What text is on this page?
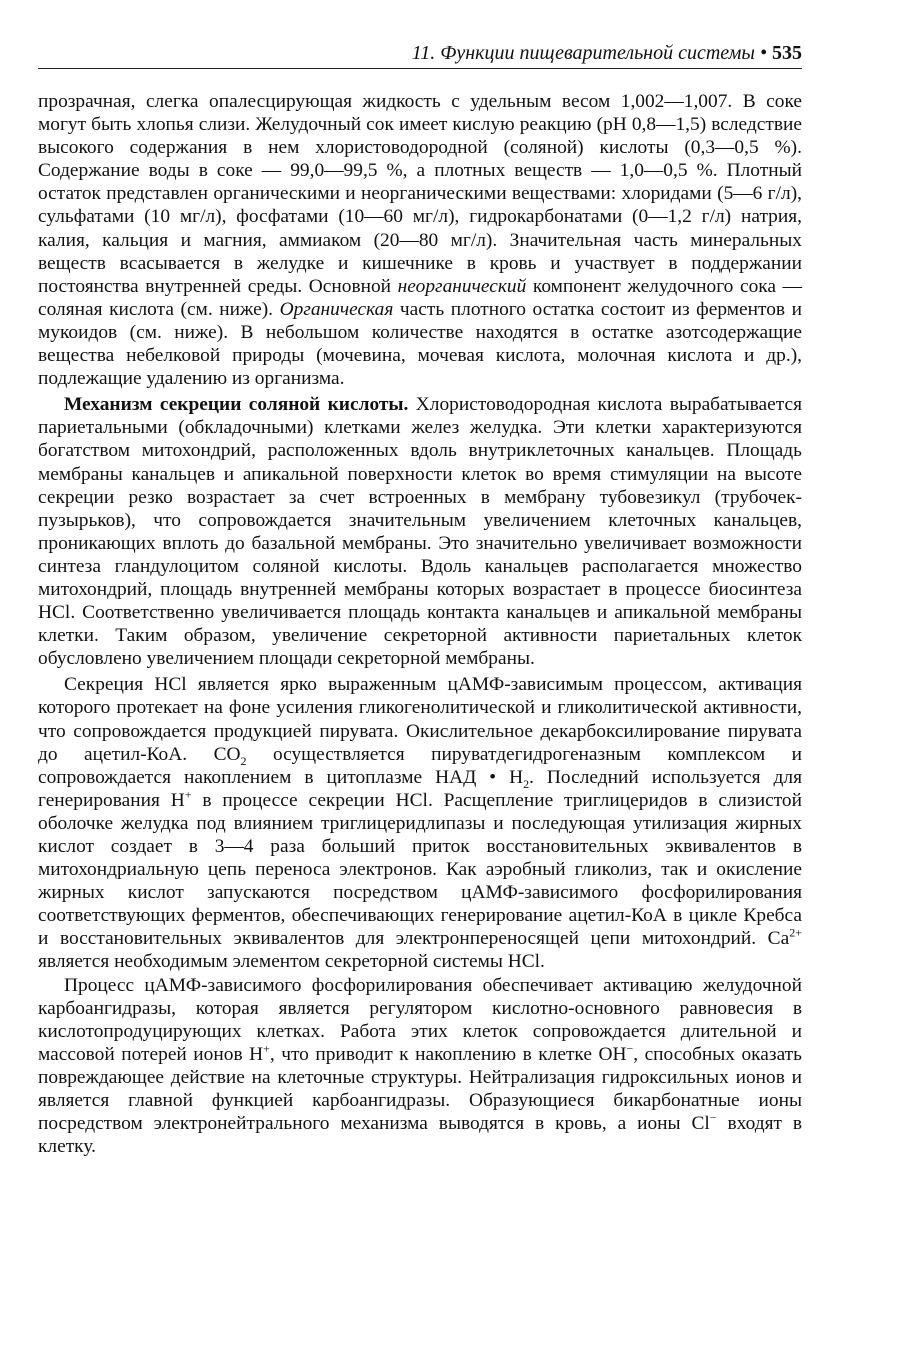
11. Функции пищеварительной системы • 535

прозрачная, слегка опалесцирующая жидкость с удельным весом 1,002—1,007. В соке могут быть хлопья слизи. Желудочный сок имеет кислую реакцию (pH 0,8—1,5) вследствие высокого содержания в нем хлористоводородной (соляной) кислоты (0,3—0,5 %). Содержание воды в соке — 99,0—99,5 %, а плотных веществ — 1,0—0,5 %. Плотный остаток представлен органическими и неорганическими веществами: хлоридами (5—6 г/л), сульфатами (10 мг/л), фосфатами (10—60 мг/л), гидрокарбонатами (0—1,2 г/л) натрия, калия, кальция и магния, аммиаком (20—80 мг/л). Значительная часть минеральных веществ всасывается в желудке и кишечнике в кровь и участвует в поддержании постоянства внутренней среды. Основной неорганический компонент желудочного сока — соляная кислота (см. ниже). Органическая часть плотного остатка состоит из ферментов и мукоидов (см. ниже). В небольшом количестве находятся в остатке азотсодержащие вещества небелковой природы (мочевина, мочевая кислота, молочная кислота и др.), подлежащие удалению из организма.

Механизм секреции соляной кислоты. Хлористоводородная кислота вырабатывается париетальными (обкладочными) клетками желез желудка. Эти клетки характеризуются богатством митохондрий, расположенных вдоль внутриклеточных канальцев. Площадь мембраны канальцев и апикальной поверхности клеток во время стимуляции на высоте секреции резко возрастает за счет встроенных в мембрану тубовезикул (трубочек-пузырьков), что сопровождается значительным увеличением клеточных канальцев, проникающих вплоть до базальной мембраны. Это значительно увеличивает возможности синтеза гландулоцитом соляной кислоты. Вдоль канальцев располагается множество митохондрий, площадь внутренней мембраны которых возрастает в процессе биосинтеза HCl. Соответственно увеличивается площадь контакта канальцев и апикальной мембраны клетки. Таким образом, увеличение секреторной активности париетальных клеток обусловлено увеличением площади секреторной мембраны.

Секреция HCl является ярко выраженным цАМФ-зависимым процессом, активация которого протекает на фоне усиления гликогенолитической и гликолитической активности, что сопровождается продукцией пирувата. Окислительное декарбоксилирование пирувата до ацетил-КоА. $CO_2$ осуществляется пируватдегидрогеназным комплексом и сопровождается накоплением в цитоплазме НАД • $H_2$. Последний используется для генерирования H+ в процессе секреции HCl. Расщепление триглицеридов в слизистой оболочке желудка под влиянием триглицеридлипазы и последующая утилизация жирных кислот создает в 3—4 раза больший приток восстановительных эквивалентов в митохондриальную цепь переноса электронов. Как аэробный гликолиз, так и окисление жирных кислот запускаются посредством цАМФ-зависимого фосфорилирования соответствующих ферментов, обеспечивающих генерирование ацетил-КоА в цикле Кребса и восстановительных эквивалентов для электронпереносящей цепи митохондрий. $Ca^{2+}$ является необходимым элементом секреторной системы HCl.

Процесс цАМФ-зависимого фосфорилирования обеспечивает активацию желудочной карбоангидразы, которая является регулятором кислотно-основного равновесия в кислотопродуцирующих клетках. Работа этих клеток сопровождается длительной и массовой потерей ионов H+, что приводит к накоплению в клетке OH−, способных оказать повреждающее действие на клеточные структуры. Нейтрализация гидроксильных ионов и является главной функцией карбоангидразы. Образующиеся бикарбонатные ионы посредством электронейтрального механизма выводятся в кровь, а ионы Cl− входят в клетку.
